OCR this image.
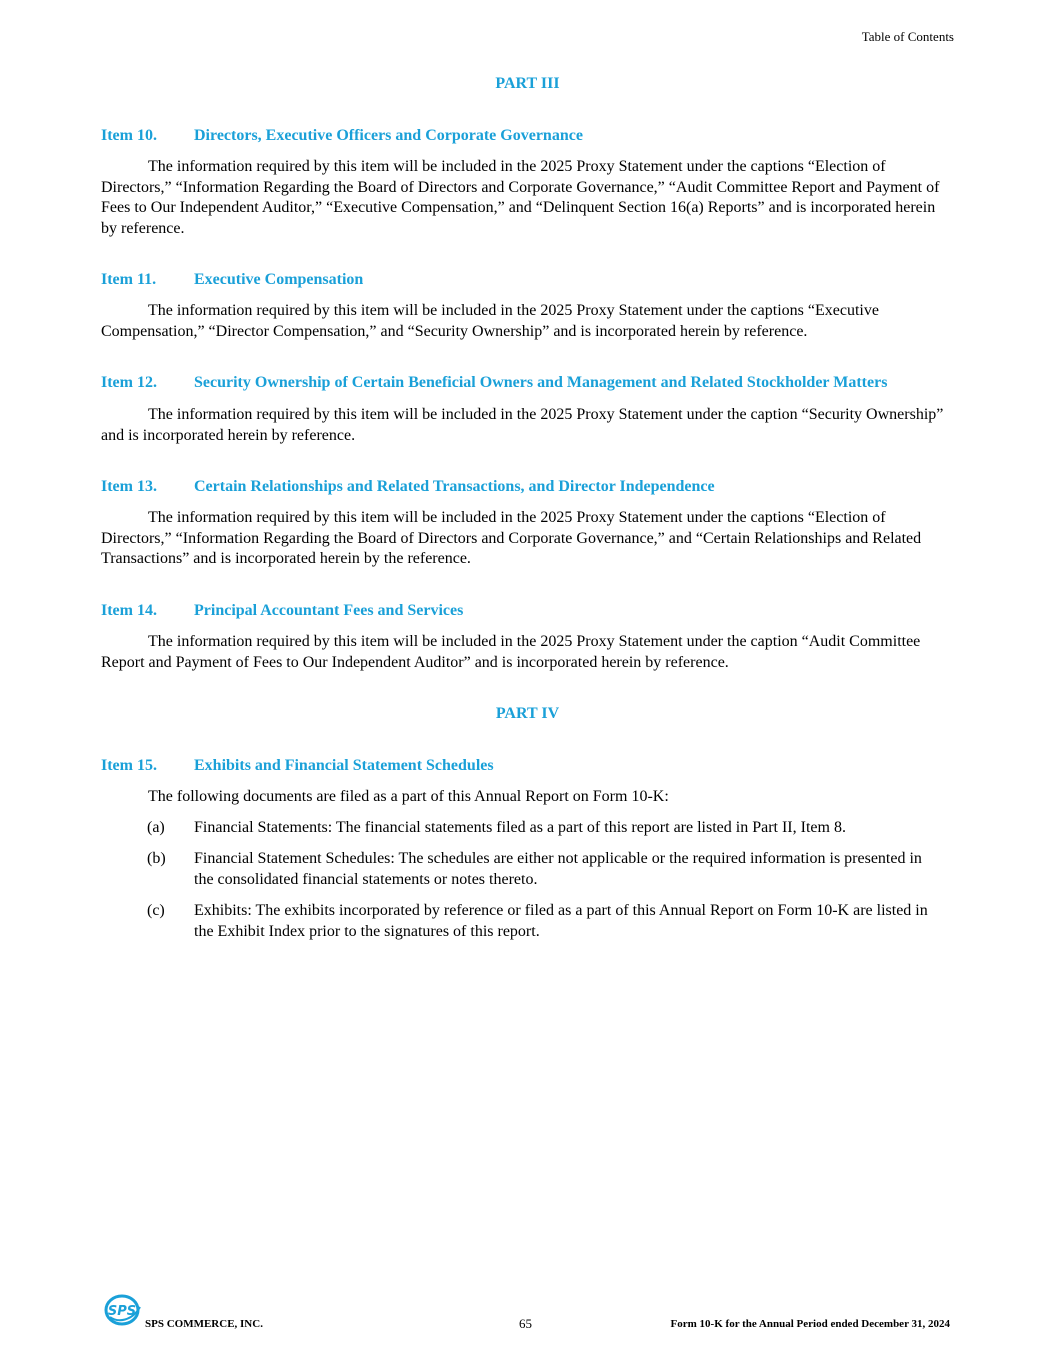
Table of Contents
PART III
Item 10. Directors, Executive Officers and Corporate Governance
The information required by this item will be included in the 2025 Proxy Statement under the captions “Election of Directors,” “Information Regarding the Board of Directors and Corporate Governance,” “Audit Committee Report and Payment of Fees to Our Independent Auditor,” “Executive Compensation,” and “Delinquent Section 16(a) Reports” and is incorporated herein by reference.
Item 11. Executive Compensation
The information required by this item will be included in the 2025 Proxy Statement under the captions “Executive Compensation,” “Director Compensation,” and “Security Ownership” and is incorporated herein by reference.
Item 12. Security Ownership of Certain Beneficial Owners and Management and Related Stockholder Matters
The information required by this item will be included in the 2025 Proxy Statement under the caption “Security Ownership” and is incorporated herein by reference.
Item 13. Certain Relationships and Related Transactions, and Director Independence
The information required by this item will be included in the 2025 Proxy Statement under the captions “Election of Directors,” “Information Regarding the Board of Directors and Corporate Governance,” and “Certain Relationships and Related Transactions” and is incorporated herein by the reference.
Item 14. Principal Accountant Fees and Services
The information required by this item will be included in the 2025 Proxy Statement under the caption “Audit Committee Report and Payment of Fees to Our Independent Auditor” and is incorporated herein by reference.
PART IV
Item 15. Exhibits and Financial Statement Schedules
The following documents are filed as a part of this Annual Report on Form 10-K:
(a) Financial Statements: The financial statements filed as a part of this report are listed in Part II, Item 8.
(b) Financial Statement Schedules: The schedules are either not applicable or the required information is presented in the consolidated financial statements or notes thereto.
(c) Exhibits: The exhibits incorporated by reference or filed as a part of this Annual Report on Form 10-K are listed in the Exhibit Index prior to the signatures of this report.
SPS
SPS COMMERCE, INC.	65	Form 10-K for the Annual Period ended December 31, 2024
